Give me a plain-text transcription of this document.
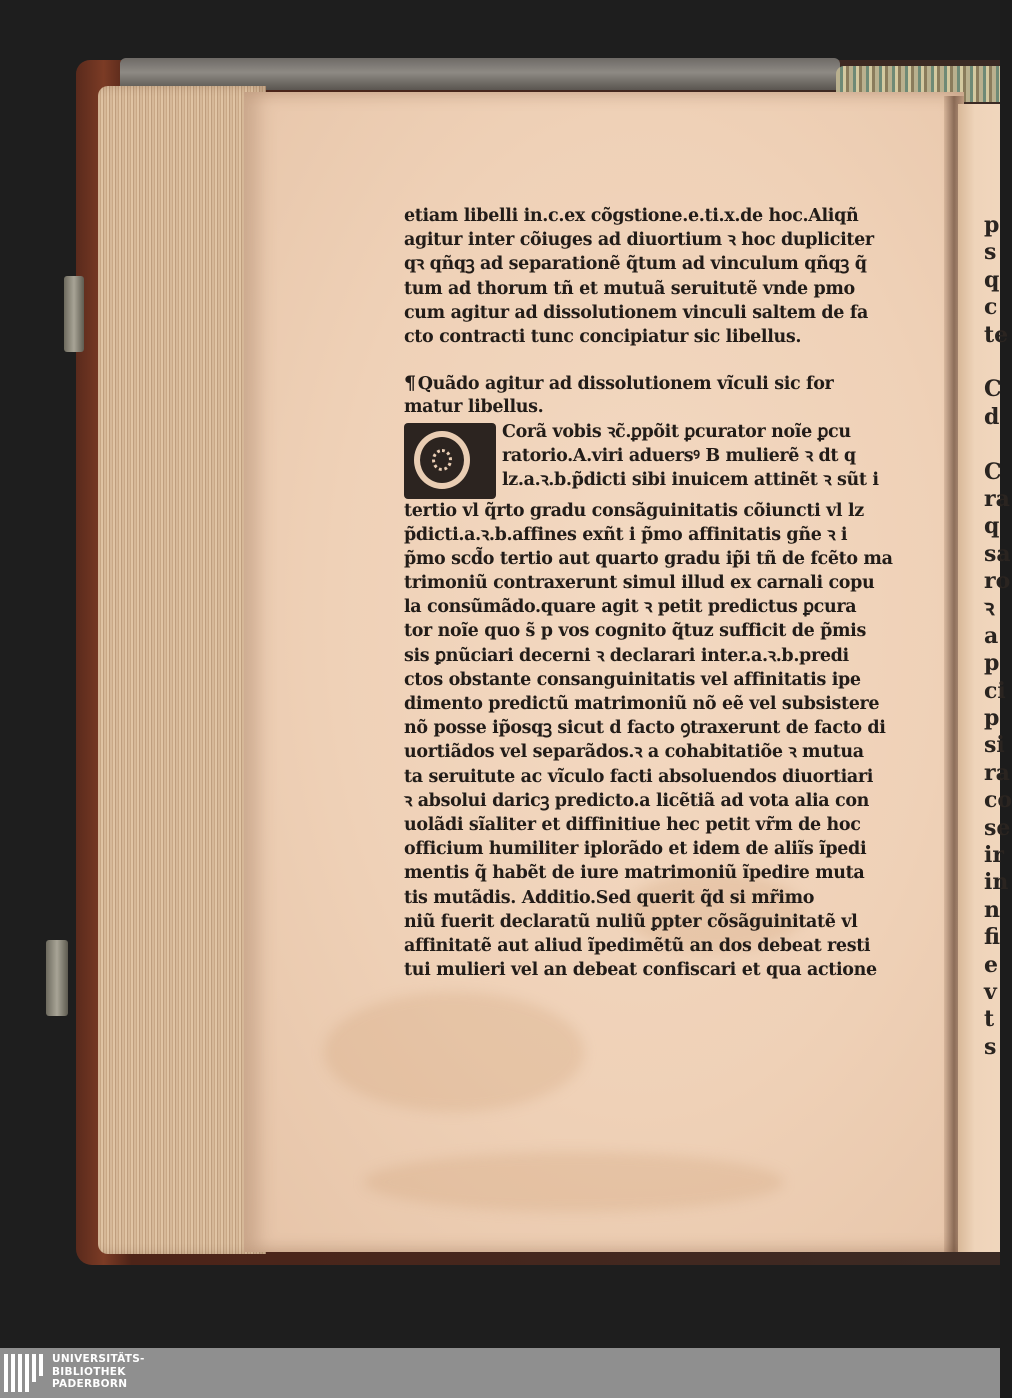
p
s
q
c
te
C
d
C
ra
q
sa
ro
ꝛ
a
p
ci
p
si
ra
co
se
ir
in
n
fi
e
v
t
s
etiam libelli in.c.ex cõgstione.e.ti.x.de hoc.Aliqñ
agitur inter cõiuges ad diuortium ꝛ hoc dupliciter
qꝛ qñqꝫ ad separationẽ q̃tum ad vinculum qñqꝫ q̃
tum ad thorum tñ et mutuã seruitutẽ vnde pmo
cum agitur ad dissolutionem vinculi saltem de fa
cto contracti tunc concipiatur sic libellus.
¶ Quãdo agitur ad dissolutionem vĩculi sic for
matur libellus.
Corã vobis ꝛc̃.ꝑpõit ꝑcurator noĩe ꝑcu
ratorio.A.viri aduersꝰ B mulierẽ ꝛ dt q
lz.a.ꝛ.b.p̃dicti sibi inuicem attinẽt ꝛ sũt i
tertio vl q̃rto gradu consãguinitatis cõiuncti vl lz
p̃dicti.a.ꝛ.b.affines exñt i p̃mo affinitatis gñe ꝛ i
p̃mo scd̃o tertio aut quarto gradu ip̃i tñ de fcẽto ma
trimoniũ contraxerunt simul illud ex carnali copu
la consũmãdo.quare agit ꝛ petit predictus ꝑcura
tor noĩe quo s̃ p vos cognito q̃tuz sufficit de p̃mis
sis ꝑnũciari decerni ꝛ declarari inter.a.ꝛ.b.predi
ctos obstante consanguinitatis vel affinitatis ipe
dimento predictũ matrimoniũ nõ eẽ vel subsistere
nõ posse ip̃osqꝫ sicut d facto ꝯtraxerunt de facto di
uortiãdos vel separãdos.ꝛ a cohabitatiõe ꝛ mutua
ta seruitute ac vĩculo facti absoluendos diuortiari
ꝛ absolui daricꝫ predicto.a licẽtiã ad vota alia con
uolãdi sĩaliter et diffinitiue hec petit vr̃m de hoc
officium humiliter iplorãdo et idem de aliĩs ĩpedi
mentis q̃ habẽt de iure matrimoniũ ĩpedire muta
tis mutãdis. Additio.Sed querit q̃d si mr̃imo
niũ fuerit declaratũ nuliũ ꝑpter cõsãguinitatẽ vl
affinitatẽ aut aliud ĩpedimẽtũ an dos debeat resti
tui mulieri vel an debeat confiscari et qua actione
UNIVERSITÄTS-
BIBLIOTHEK
PADERBORN
